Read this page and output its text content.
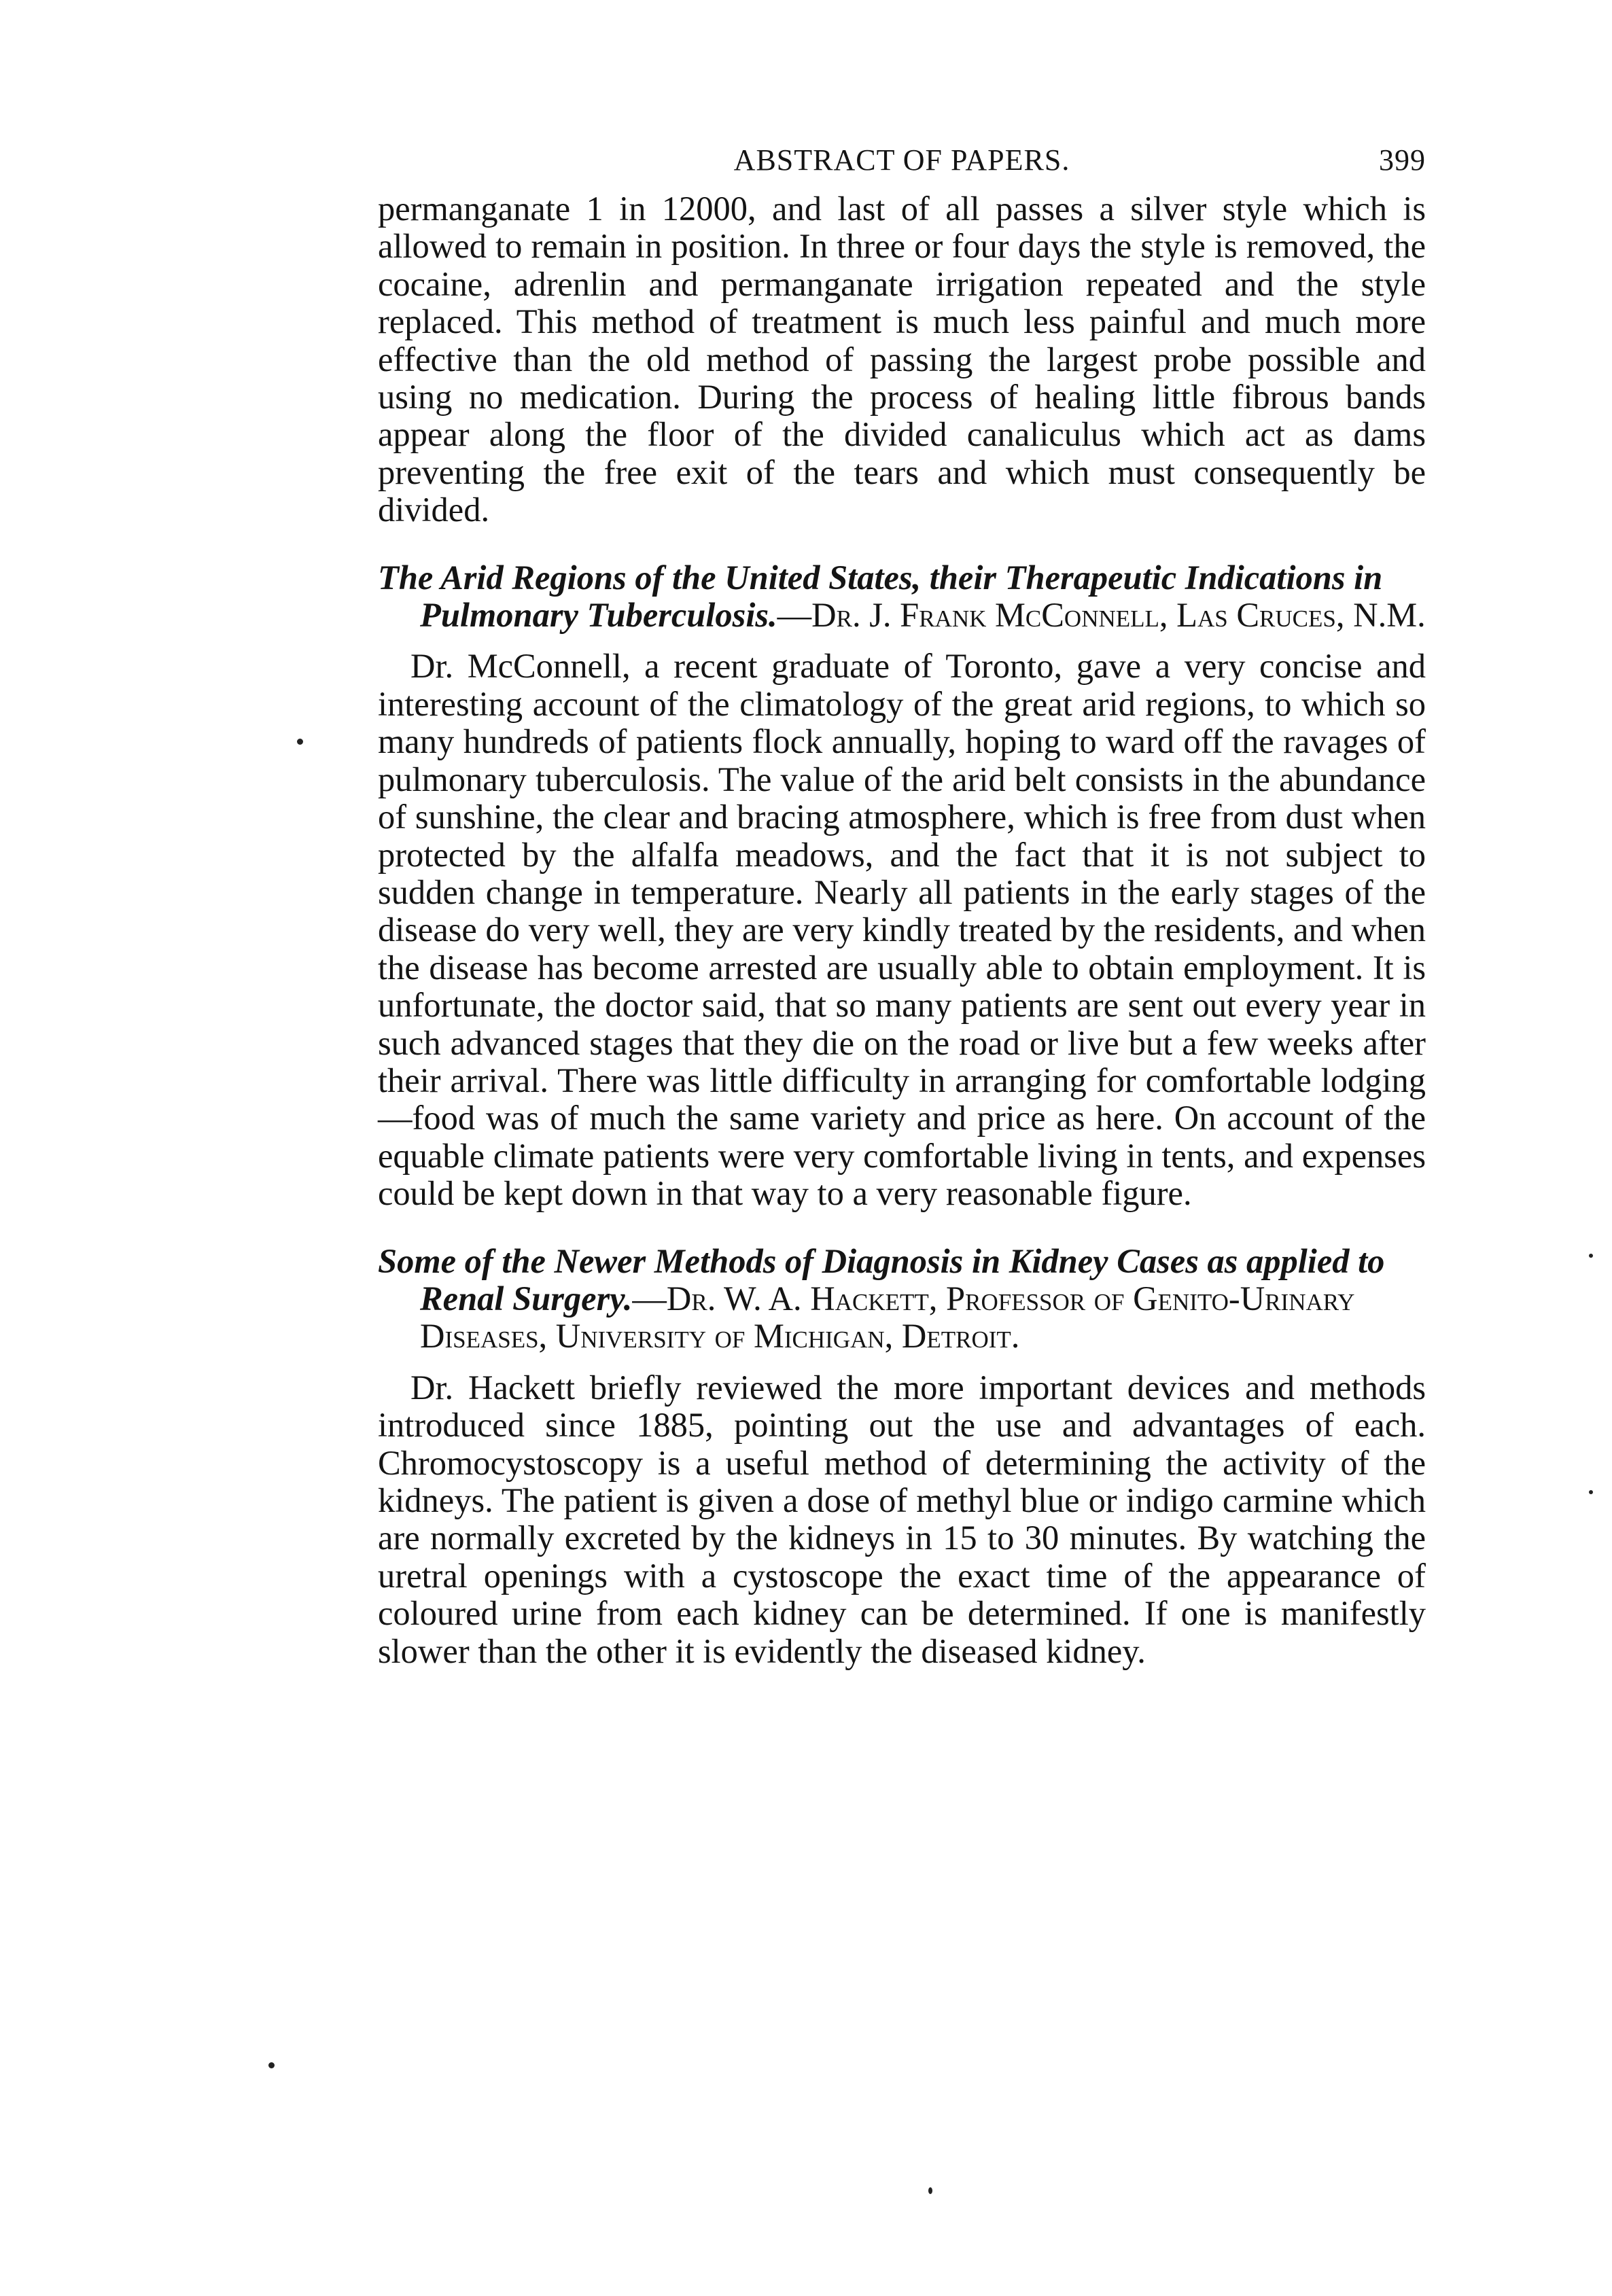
ABSTRACT OF PAPERS.	399

permanganate 1 in 12000, and last of all passes a silver style which is allowed to remain in position. In three or four days the style is removed, the cocaine, adrenlin and permanganate irrigation repeated and the style replaced. This method of treatment is much less painful and much more effective than the old method of passing the largest probe possible and using no medication. During the process of healing little fibrous bands appear along the floor of the divided canaliculus which act as dams preventing the free exit of the tears and which must consequently be divided.

The Arid Regions of the United States, their Therapeutic Indications in Pulmonary Tuberculosis.—Dr. J. Frank McConnell, Las Cruces, N.M.

Dr. McConnell, a recent graduate of Toronto, gave a very concise and interesting account of the climatology of the great arid regions, to which so many hundreds of patients flock annually, hoping to ward off the ravages of pulmonary tuberculosis. The value of the arid belt consists in the abundance of sunshine, the clear and bracing atmosphere, which is free from dust when protected by the alfalfa meadows, and the fact that it is not subject to sudden change in temperature. Nearly all patients in the early stages of the disease do very well, they are very kindly treated by the residents, and when the disease has become arrested are usually able to obtain employment. It is unfortunate, the doctor said, that so many patients are sent out every year in such advanced stages that they die on the road or live but a few weeks after their arrival. There was little difficulty in arranging for comfortable lodging—food was of much the same variety and price as here. On account of the equable climate patients were very comfortable living in tents, and expenses could be kept down in that way to a very reasonable figure.

Some of the Newer Methods of Diagnosis in Kidney Cases as applied to Renal Surgery.—Dr. W. A. Hackett, Professor of Genito-Urinary Diseases, University of Michigan, Detroit.

Dr. Hackett briefly reviewed the more important devices and methods introduced since 1885, pointing out the use and advantages of each. Chromocystoscopy is a useful method of determining the activity of the kidneys. The patient is given a dose of methyl blue or indigo carmine which are normally excreted by the kidneys in 15 to 30 minutes. By watching the uretral openings with a cystoscope the exact time of the appearance of coloured urine from each kidney can be determined. If one is manifestly slower than the other it is evidently the diseased kidney.
